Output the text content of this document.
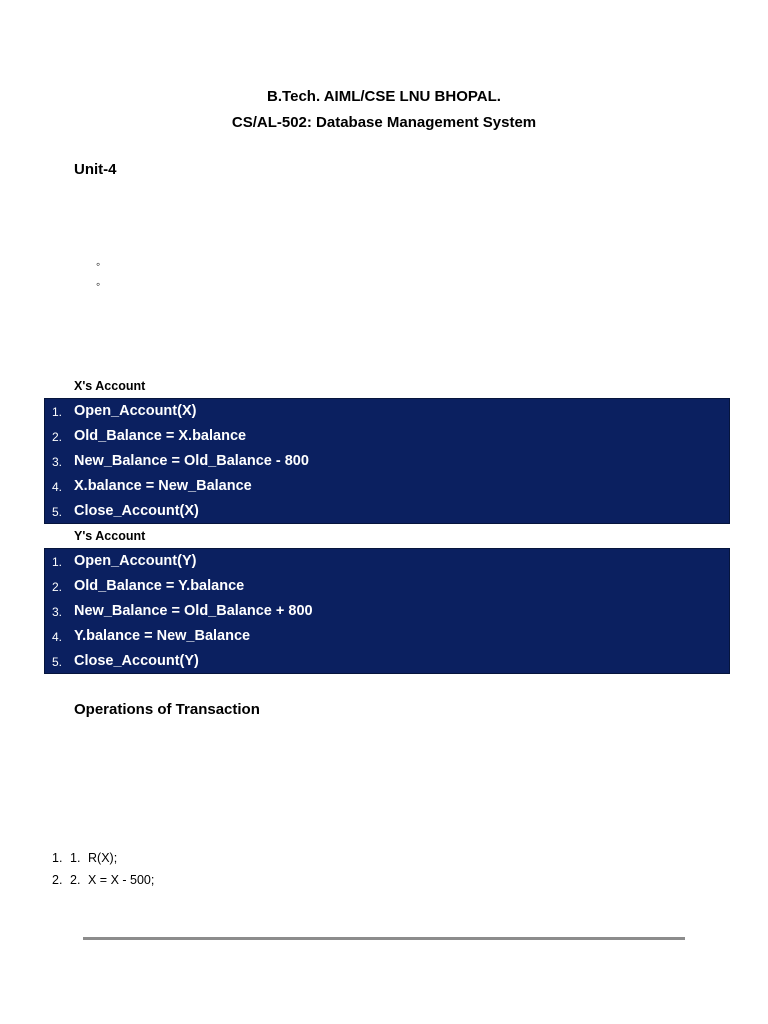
B.Tech. AIML/CSE LNU BHOPAL.
CS/AL-502: Database Management System
Unit-4
◦
◦
X's Account
1. Open_Account(X)
2. Old_Balance = X.balance
3. New_Balance = Old_Balance - 800
4. X.balance = New_Balance
5. Close_Account(X)
Y's Account
1. Open_Account(Y)
2. Old_Balance = Y.balance
3. New_Balance = Old_Balance + 800
4. Y.balance = New_Balance
5. Close_Account(Y)
Operations of Transaction
1. 1. R(X);
2. 2. X = X - 500;
